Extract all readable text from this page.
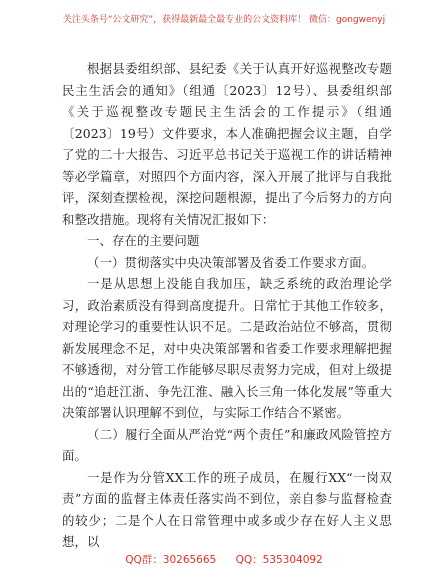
关注头条号“公文研究”，获得最新最全最专业的公文资料库！ 微信：gongwenyj

根据县委组织部、县纪委《关于认真开好巡视整改专题民主生活会的通知》（组通〔2023〕12号）、县委组织部《关于巡视整改专题民主生活会的工作提示》（组通〔2023〕19号）文件要求，本人准确把握会议主题，自学了党的二十大报告、习近平总书记关于巡视工作的讲话精神等必学篇章，对照四个方面内容，深入开展了批评与自我批评，深刻查摆检视，深挖问题根源，提出了今后努力的方向和整改措施。现将有关情况汇报如下：

一、存在的主要问题

（一）贯彻落实中央决策部署及省委工作要求方面。

一是从思想上没能自我加压，缺乏系统的政治理论学习，政治素质没有得到高度提升。日常忙于其他工作较多，对理论学习的重要性认识不足。二是政治站位不够高，贯彻新发展理念不足，对中央决策部署和省委工作要求理解把握不够透彻，对分管工作能够尽职尽责努力完成，但对上级提出的“追赶江浙、争先江淮、融入长三角一体化发展”等重大决策部署认识理解不到位，与实际工作结合不紧密。

（二）履行全面从严治党“两个责任”和廉政风险管控方面。

一是作为分管XX工作的班子成员，在履行XX“一岗双责”方面的监督主体责任落实尚不到位，亲自参与监督检查的较少；二是个人在日常管理中或多或少存在好人主义思想，以

QQ群：30265665 QQ：535304092
